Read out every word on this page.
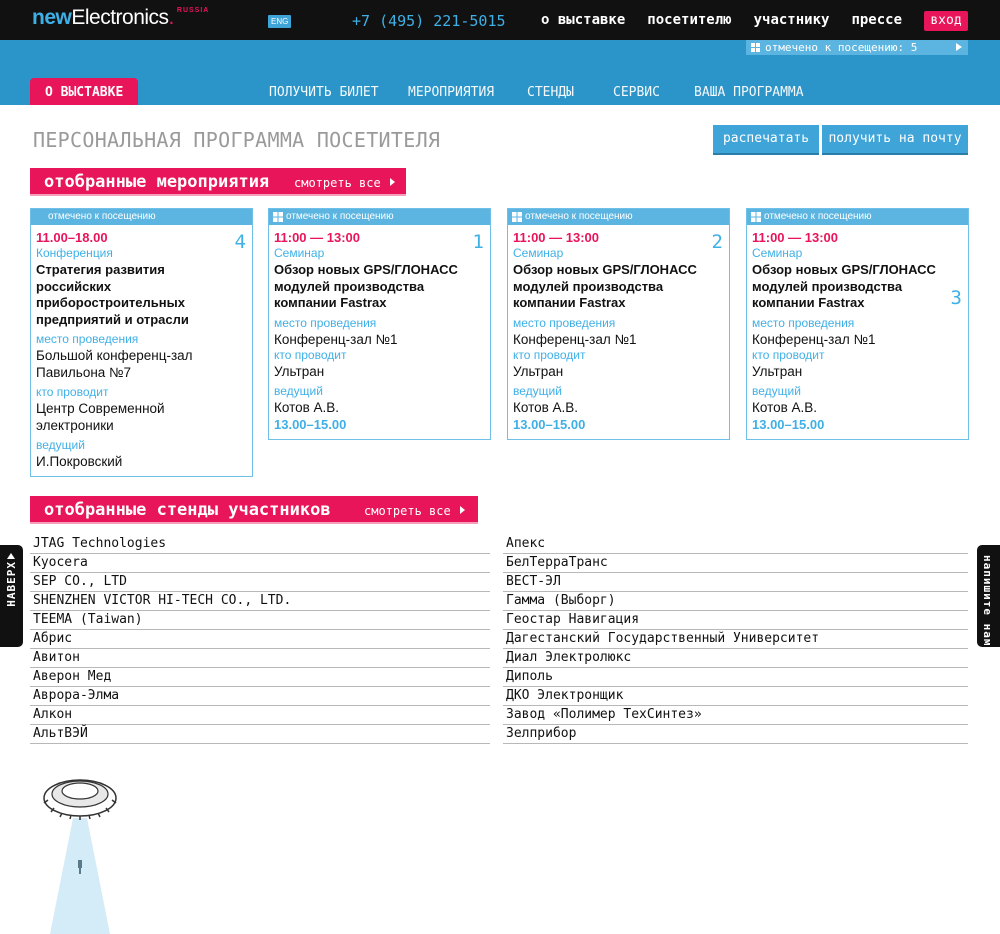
newElectronics. $^{RUSSIA}$
ENG	+7 (495) 221-5015	о выставке посетителю участнику прессе	вход
отмечено к посещению: 5
О ВЫСТАВКЕ	ПОЛУЧИТЬ БИЛЕТ МЕРОПРИЯТИЯ	СТЕНДЫ	СЕРВИС	ВАША ПРОГРАММА
ПЕРСОНАЛЬНАЯ ПРОГРАММА ПОСЕТИТЕЛЯ	распечатать	получить на почту
отобранные мероприятия смотреть все
отмечено к посещению
4
11.00–18.00
Конференция
Стратегия развития российских приборостроительных предприятий и отрасли
место проведения
Большой конференц-зал Павильона №7
кто проводит
Центр Современной электроники
ведущий
И.Покровский
отмечено к посещению
1
11:00 — 13:00
Семинар
Обзор новых GPS/ГЛОНАСС модулей производства компании Fastrax
место проведения
Конференц-зал №1
кто проводит
Ультран
ведущий
Котов А.В.
13.00–15.00
отмечено к посещению
2
11:00 — 13:00
Семинар
Обзор новых GPS/ГЛОНАСС модулей производства компании Fastrax
место проведения
Конференц-зал №1
кто проводит
Ультран
ведущий
Котов А.В.
13.00–15.00
отмечено к посещению
3
11:00 — 13:00
Семинар
Обзор новых GPS/ГЛОНАСС модулей производства компании Fastrax
место проведения
Конференц-зал №1
кто проводит
Ультран
ведущий
Котов А.В.
13.00–15.00
отобранные стенды участников	смотреть все
JTAG Technologies
Kyocera
SEP CO., LTD
SHENZHEN VICTOR HI-TECH CO., LTD.
TEEMA (Taiwan)
Абрис
Авитон
Аверон Мед
Аврора-Элма
Алкон
АльтВЭЙ
Апекс
БелТерраТранс
ВЕСТ-ЭЛ
Гамма (Выборг)
Геостар Навигация
Дагестанский Государственный Университет
Диал Электролюкс
Диполь
ДКО Электронщик
Завод «Полимер ТехСинтез»
Зелприбор
НАВЕРХ	напишите нам
